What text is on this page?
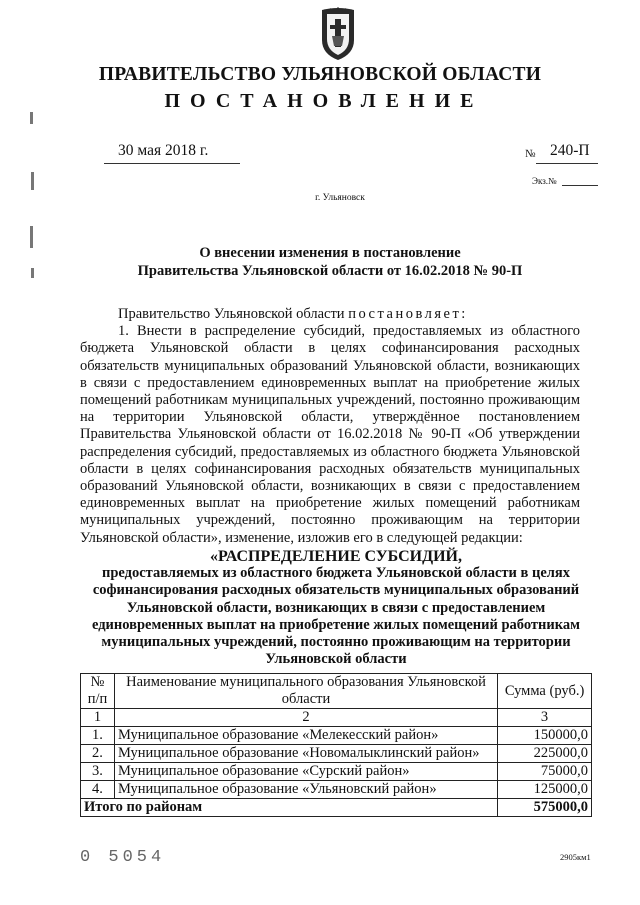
ПРАВИТЕЛЬСТВО УЛЬЯНОВСКОЙ ОБЛАСТИ
ПОСТАНОВЛЕНИЕ
30 мая 2018 г.	№ 240-П
Экз.№
г. Ульяновск
О внесении изменения в постановление
Правительства Ульяновской области от 16.02.2018 № 90-П

Правительство Ульяновской области постановляет:

1. Внести в распределение субсидий, предоставляемых из областного бюджета Ульяновской области в целях софинансирования расходных обязательств муниципальных образований Ульяновской области, возникающих в связи с предоставлением единовременных выплат на приобретение жилых помещений работникам муниципальных учреждений, постоянно проживающим на территории Ульяновской области, утверждённое постановлением Правительства Ульяновской области от 16.02.2018 № 90-П «Об утверждении распределения субсидий, предоставляемых из областного бюджета Ульяновской области в целях софинансирования расходных обязательств муниципальных образований Ульяновской области, возникающих в связи с предоставлением единовременных выплат на приобретение жилых помещений работникам муниципальных учреждений, постоянно проживающим на территории Ульяновской области», изменение, изложив его в следующей редакции:

«РАСПРЕДЕЛЕНИЕ СУБСИДИЙ,
предоставляемых из областного бюджета Ульяновской области в целях софинансирования расходных обязательств муниципальных образований Ульяновской области, возникающих в связи с предоставлением единовременных выплат на приобретение жилых помещений работникам муниципальных учреждений, постоянно проживающим на территории Ульяновской области
№ п/п	Наименование муниципального образования Ульяновской области	Сумма (руб.)
1	2	3
1.	Муниципальное образование «Мелекесский район»	150000,0
2.	Муниципальное образование «Новомалыклинский район»	225000,0
3.	Муниципальное образование «Сурский район»	75000,0
4.	Муниципальное образование «Ульяновский район»	125000,0
Итого по районам		575000,0
0 5054	2905км1
